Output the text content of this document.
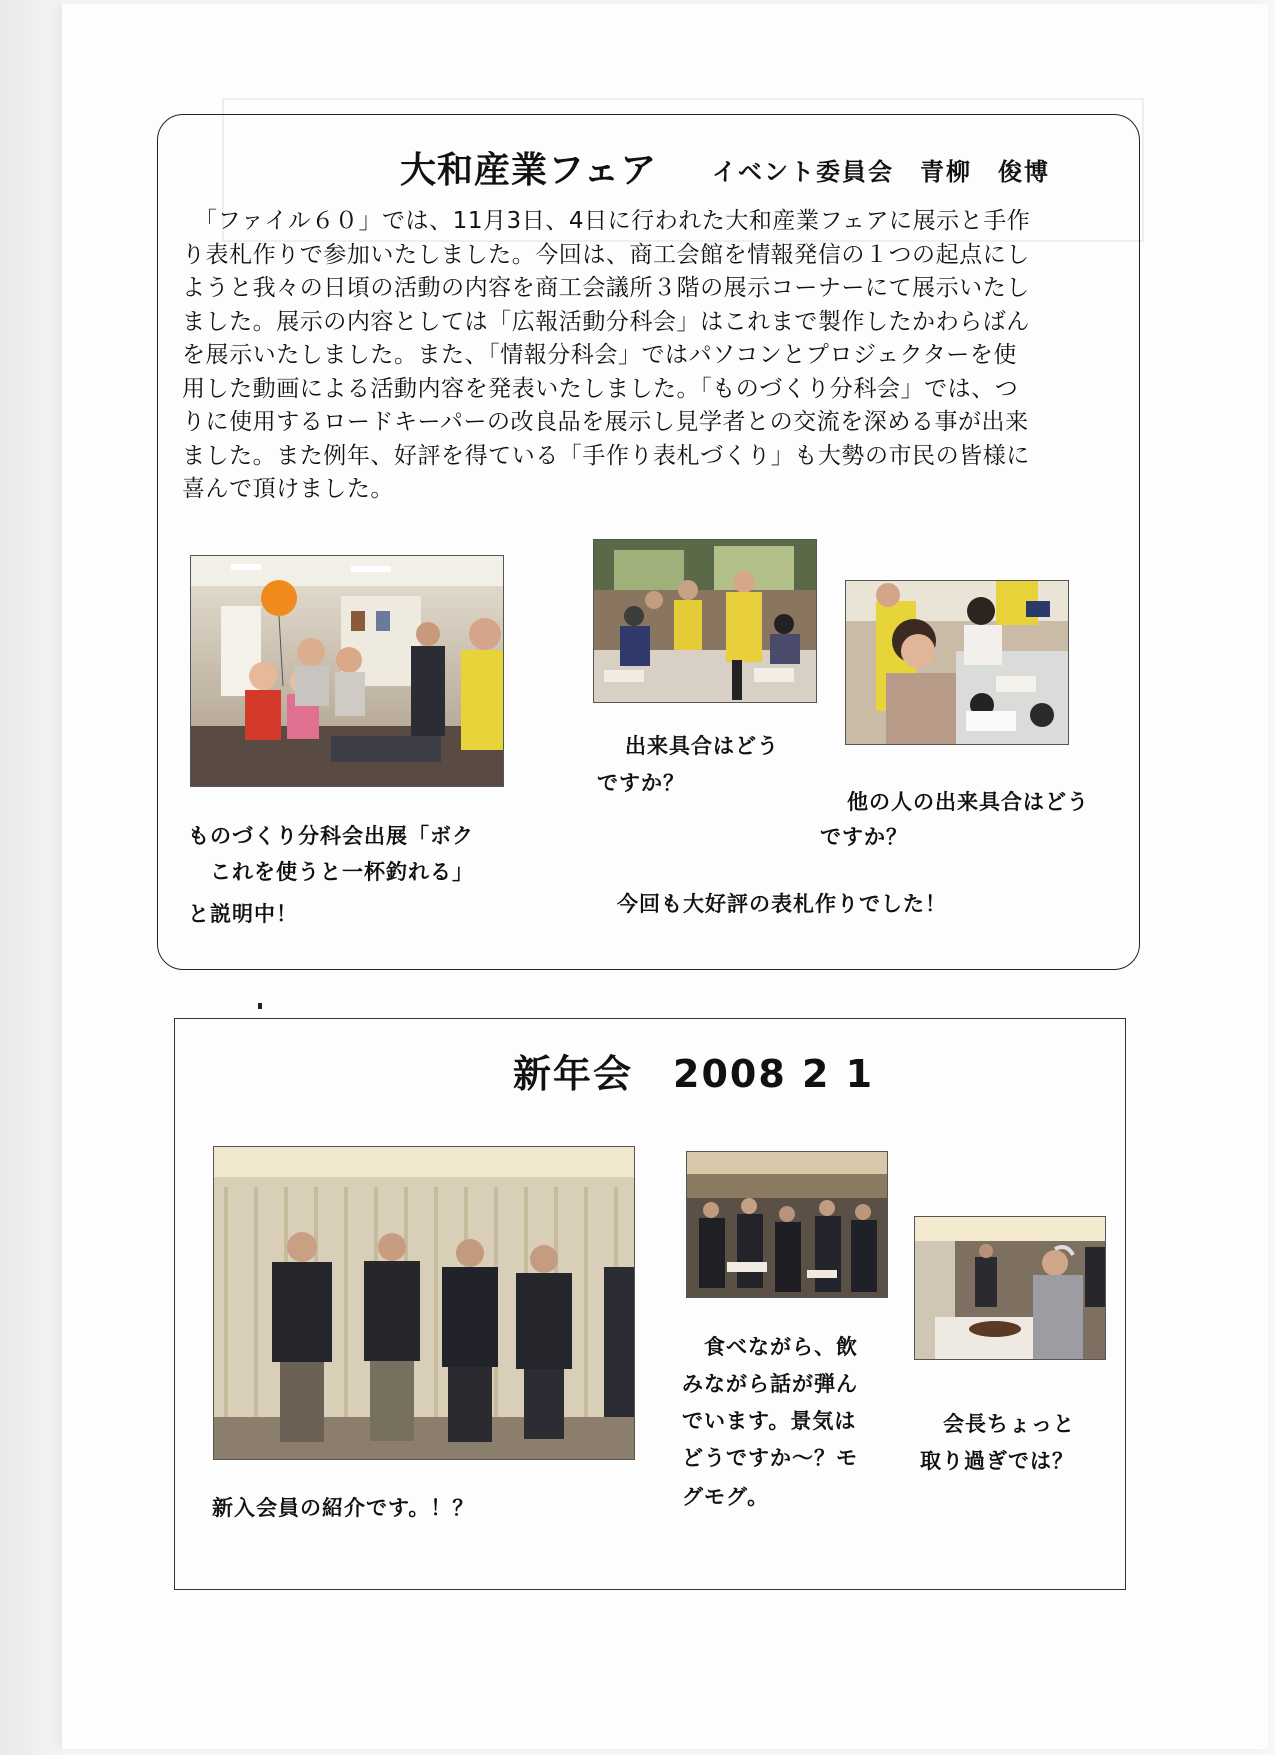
大和産業フェア イベント委員会　青柳　俊博
　「ファイル６０」では、11月3日、4日に行われた大和産業フェアに展示と手作
り表札作りで参加いたしました。今回は、商工会館を情報発信の１つの起点にし
ようと我々の日頃の活動の内容を商工会議所３階の展示コーナーにて展示いたし
ました。展示の内容としては「広報活動分科会」はこれまで製作したかわらばん
を展示いたしました。また、「情報分科会」ではパソコンとプロジェクターを使
用した動画による活動内容を発表いたしました。「ものづくり分科会」では、つ
りに使用するロードキーパーの改良品を展示し見学者との交流を深める事が出来
ました。また例年、好評を得ている「手作り表札づくり」も大勢の市民の皆様に
喜んで頂けました。
ものづくり分科会出展「ボク
　これを使うと一杯釣れる」
と説明中！
出来具合はどう
ですか？
他の人の出来具合はどう
ですか？
今回も大好評の表札作りでした！
新年会　2008 2 1
新入会員の紹介です。！？
　食べながら、飲
みながら話が弾ん
でいます。景気は
どうですか～？モ
グモグ。
会長ちょっと
取り過ぎでは？
